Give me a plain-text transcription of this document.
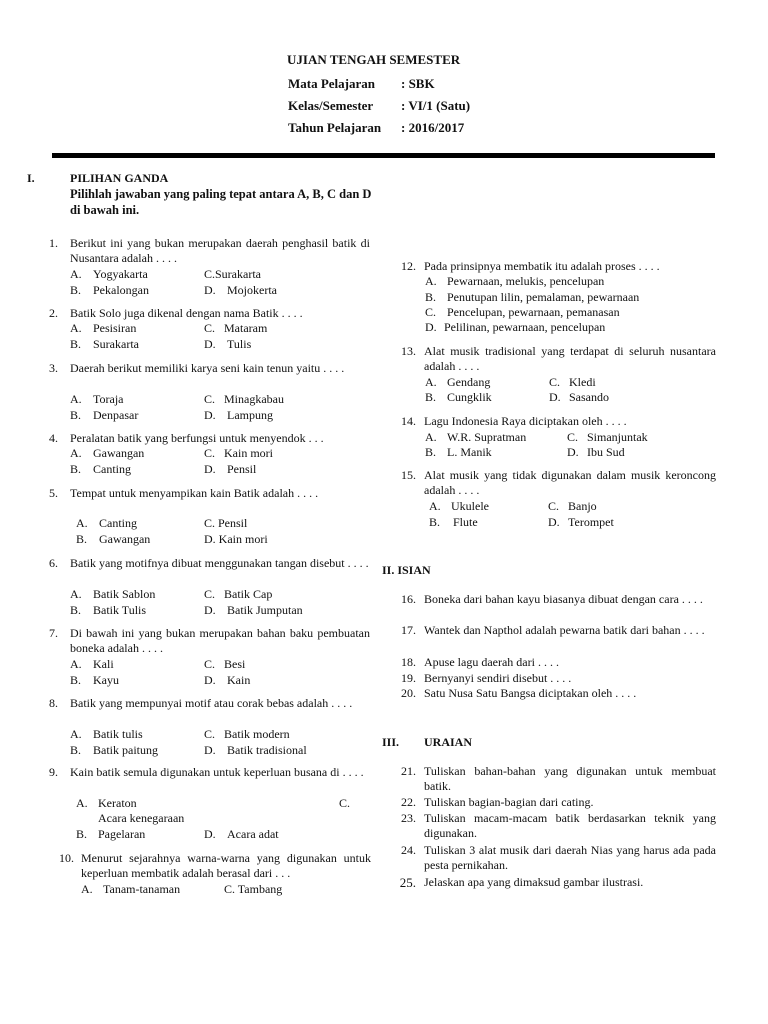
UJIAN TENGAH SEMESTER
Mata Pelajaran : SBK
Kelas/Semester : VI/1 (Satu)
Tahun Pelajaran : 2016/2017
I.	PILIHAN GANDA
Pilihlah jawaban yang paling tepat antara A, B, C dan D di bawah ini.
1. Berikut ini yang bukan merupakan daerah penghasil batik di Nusantara adalah . . . .
A. Yogyakarta	C.Surakarta
B. Pekalongan	D. Mojokerta
2. Batik Solo juga dikenal dengan nama Batik . . . .
A. Pesisiran	C. Mataram
B. Surakarta	D. Tulis
3. Daerah berikut memiliki karya seni kain tenun yaitu . . . .
A. Toraja	C. Minagkabau
B. Denpasar	D. Lampung
4. Peralatan batik yang berfungsi untuk menyendok . . .
A. Gawangan	C. Kain mori
B. Canting	D. Pensil
5. Tempat untuk menyampikan kain Batik adalah . . . .
A. Canting	C. Pensil
B. Gawangan	D. Kain mori
6. Batik yang motifnya dibuat menggunakan tangan disebut . . . .
A. Batik Sablon	C. Batik Cap
B. Batik Tulis	D. Batik Jumputan
7. Di bawah ini yang bukan merupakan bahan baku pembuatan boneka adalah . . . .
A. Kali	C. Besi
B. Kayu	D. Kain
8. Batik yang mempunyai motif atau corak bebas adalah . . . .
A. Batik tulis	C. Batik modern
B. Batik paitung	D. Batik tradisional
9. Kain batik semula digunakan untuk keperluan busana di . . . .
A. Keraton	C.
Acara kenegaraan
B. Pagelaran	D. Acara adat
10. Menurut sejarahnya warna-warna yang digunakan untuk keperluan membatik adalah berasal dari . . .
A. Tanam-tanaman	C. Tambang
12. Pada prinsipnya membatik itu adalah proses . . . .
A. Pewarnaan, melukis, pencelupan
B. Penutupan lilin, pemalaman, pewarnaan
C. Pencelupan, pewarnaan, pemanasan
D. Pelilinan, pewarnaan, pencelupan
13. Alat musik tradisional yang terdapat di seluruh nusantara adalah . . . .
A. Gendang	C. Kledi
B. Cungklik	D. Sasando
14. Lagu Indonesia Raya diciptakan oleh . . . .
A. W.R. Supratman	C. Simanjuntak
B. L. Manik	D. Ibu Sud
15. Alat musik yang tidak digunakan dalam musik keroncong adalah . . . .
A. Ukulele	C. Banjo
B. Flute	D. Terompet
II. ISIAN
16. Boneka dari bahan kayu biasanya dibuat dengan cara . . . .
17. Wantek dan Napthol adalah pewarna batik dari bahan . . . .
18. Apuse lagu daerah dari . . . .
19. Bernyanyi sendiri disebut . . . .
20. Satu Nusa Satu Bangsa diciptakan oleh . . . .
III. URAIAN
21. Tuliskan bahan-bahan yang digunakan untuk membuat batik.
22. Tuliskan bagian-bagian dari cating.
23. Tuliskan macam-macam batik berdasarkan teknik yang digunakan.
24. Tuliskan 3 alat musik dari daerah Nias yang harus ada pada pesta pernikahan.
25. Jelaskan apa yang dimaksud gambar ilustrasi.
